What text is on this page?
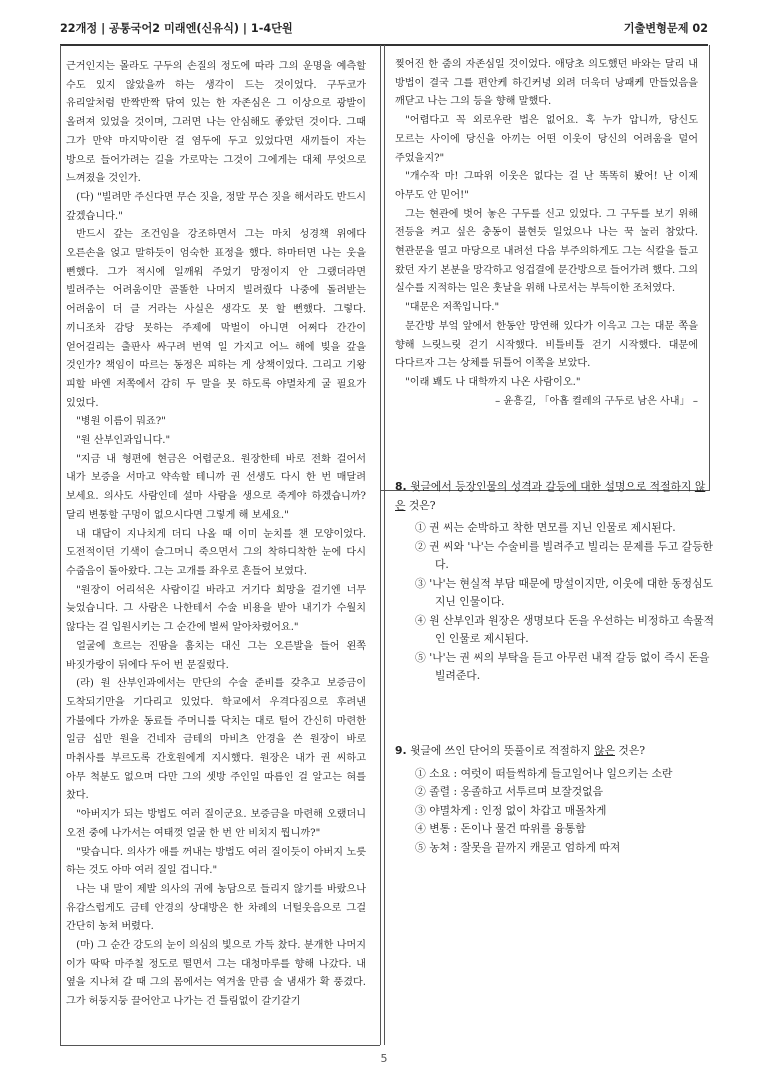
22개정 | 공통국어2 미래엔(신유식) | 1-4단원	기출변형문제 02

근거인지는 몰라도 구두의 손질의 정도에 따라 그의 운명을 예측할 수도 있지 않았을까 하는 생각이 드는 것이었다. 구두코가 유리알처럼 반짝반짝 닦여 있는 한 자존심은 그 이상으로 광발이 올려져 있었을 것이며, 그러면 나는 안심해도 좋았던 것이다. 그때 그가 만약 마지막이란 걸 염두에 두고 있었다면 새끼들이 자는 방으로 들어가려는 길을 가로막는 그것이 그에게는 대체 무엇으로 느껴졌을 것인가.

(다) "빌려만 주신다면 무슨 짓을, 정말 무슨 짓을 해서라도 반드시 갚겠습니다."

반드시 갚는 조건임을 강조하면서 그는 마치 성경책 위에다 오른손을 얹고 말하듯이 엄숙한 표정을 했다. 하마터면 나는 웃을 뻔했다. 그가 적시에 일깨워 주었기 망정이지 안 그랬더라면 빌려주는 어려움이만 골똘한 나머지 빌려줬다 나중에 돌려받는 어려움이 더 클 거라는 사실은 생각도 못 할 뻔했다. 그렇다. 끼니조차 감당 못하는 주제에 막벌이 아니면 어쩌다 간간이 얻어걸리는 출판사 싸구려 번역 일 가지고 어느 해에 빚을 갚을 것인가? 책임이 따르는 동정은 피하는 게 상책이었다. 그리고 기왕 피할 바엔 저쪽에서 감히 두 말을 못 하도록 야멸차게 굴 필요가 있었다.

"병원 이름이 뭐죠?"

"원 산부인과입니다."

"지금 내 형편에 현금은 어렵군요. 원장한테 바로 전화 걸어서 내가 보증을 서마고 약속할 테니까 권 선생도 다시 한 번 매달려 보세요. 의사도 사람인데 설마 사람을 생으로 죽게야 하겠습니까? 달리 변통할 구멍이 없으시다면 그렇게 해 보세요."

내 대답이 지나치게 더디 나올 때 이미 눈치를 챈 모양이었다. 도전적이던 기색이 슬그머니 죽으면서 그의 착하디착한 눈에 다시 수줍음이 돌아왔다. 그는 고개를 좌우로 흔들어 보였다.

"원장이 어리석은 사람이길 바라고 거기다 희망을 걸기엔 너무 늦었습니다. 그 사람은 나한테서 수술 비용을 받아 내기가 수월치 않다는 걸 입원시키는 그 순간에 벌써 알아차렸어요."

얼굴에 흐르는 진땀을 훔치는 대신 그는 오른발을 들어 왼쪽 바짓가랑이 뒤에다 두어 번 문질렀다.

(라) 원 산부인과에서는 만단의 수술 준비를 갖추고 보증금이 도착되기만을 기다리고 있었다. 학교에서 우격다짐으로 후려낸 가불에다 가까운 동료들 주머니를 닥치는 대로 털어 간신히 마련한 일금 십만 원을 건네자 금테의 마비츠 안경을 쓴 원장이 바로 마취사를 부르도록 간호원에게 지시했다. 원장은 내가 권 씨하고 아무 척분도 없으며 다만 그의 셋방 주인일 따름인 걸 알고는 혀를 찼다.

"아버지가 되는 방법도 여러 질이군요. 보증금을 마련해 오랬더니 오전 중에 나가서는 여태껏 얼굴 한 번 안 비치지 뭡니까?"

"맞습니다. 의사가 애를 꺼내는 방법도 여러 질이듯이 아버지 노릇 하는 것도 아마 여러 질일 겁니다."

나는 내 말이 제발 의사의 귀에 농담으로 들리지 않기를 바랐으나 유감스럽게도 금테 안경의 상대방은 한 차례의 너털웃음으로 그걸 간단히 농쳐 버렸다.

(마) 그 순간 강도의 눈이 의심의 빛으로 가득 찼다. 분개한 나머지 이가 딱딱 마주칠 정도로 떨면서 그는 대청마루를 향해 나갔다. 내 옆을 지나쳐 갈 때 그의 몸에서는 역겨울 만큼 술 냄새가 확 풍겼다. 그가 허둥지둥 끌어안고 나가는 건 틀림없이 갈기갈기

찢어진 한 줌의 자존심일 것이었다. 애당초 의도했던 바와는 달리 내 방법이 결국 그를 편안케 하긴커녕 외려 더욱더 낭패케 만들었음을 깨닫고 나는 그의 등을 향해 말했다.

"어렵다고 꼭 외로우란 법은 없어요. 혹 누가 압니까, 당신도 모르는 사이에 당신을 아끼는 어떤 이웃이 당신의 어려움을 덜어 주었을지?"

"개수작 마! 그따위 이웃은 없다는 걸 난 똑똑히 봤어! 난 이제 아무도 안 믿어!"

그는 현관에 벗어 놓은 구두를 신고 있었다. 그 구두를 보기 위해 전등을 켜고 싶은 충동이 불현듯 일었으나 나는 꾹 눌러 참았다. 현관문을 열고 마당으로 내려선 다음 부주의하게도 그는 식칼을 들고 왔던 자기 본분을 망각하고 엉겁결에 문간방으로 들어가려 했다. 그의 실수를 지적하는 일은 훗날을 위해 나로서는 부득이한 조처였다.

"대문은 저쪽입니다."

문간방 부엌 앞에서 한동안 망연해 있다가 이윽고 그는 대문 쪽을 향해 느릿느릿 걷기 시작했다. 비틀비틀 걷기 시작했다. 대문에 다다르자 그는 상체를 뒤틀어 이쪽을 보았다.

"이래 봬도 나 대학까지 나온 사람이오."

– 윤흥길, 「아홉 켤레의 구두로 남은 사내」 –

8. 윗글에서 등장인물의 성격과 갈등에 대한 설명으로 적절하지 않은 것은?

① 권 씨는 순박하고 착한 면모를 지닌 인물로 제시된다.
② 권 씨와 '나'는 수술비를 빌려주고 빌리는 문제를 두고 갈등한다.
③ '나'는 현실적 부담 때문에 망설이지만, 이웃에 대한 동정심도 지닌 인물이다.
④ 원 산부인과 원장은 생명보다 돈을 우선하는 비정하고 속물적인 인물로 제시된다.
⑤ '나'는 권 씨의 부탁을 듣고 아무런 내적 갈등 없이 즉시 돈을 빌려준다.

9. 윗글에 쓰인 단어의 뜻풀이로 적절하지 않은 것은?

① 소요 : 여럿이 떠들썩하게 들고일어나 일으키는 소란
② 졸렬 : 옹졸하고 서투르며 보잘것없음
③ 야멸차게 : 인정 없이 차갑고 매몰차게
④ 변통 : 돈이나 물건 따위를 융통함
⑤ 농쳐 : 잘못을 끝까지 캐묻고 엄하게 따져
5
